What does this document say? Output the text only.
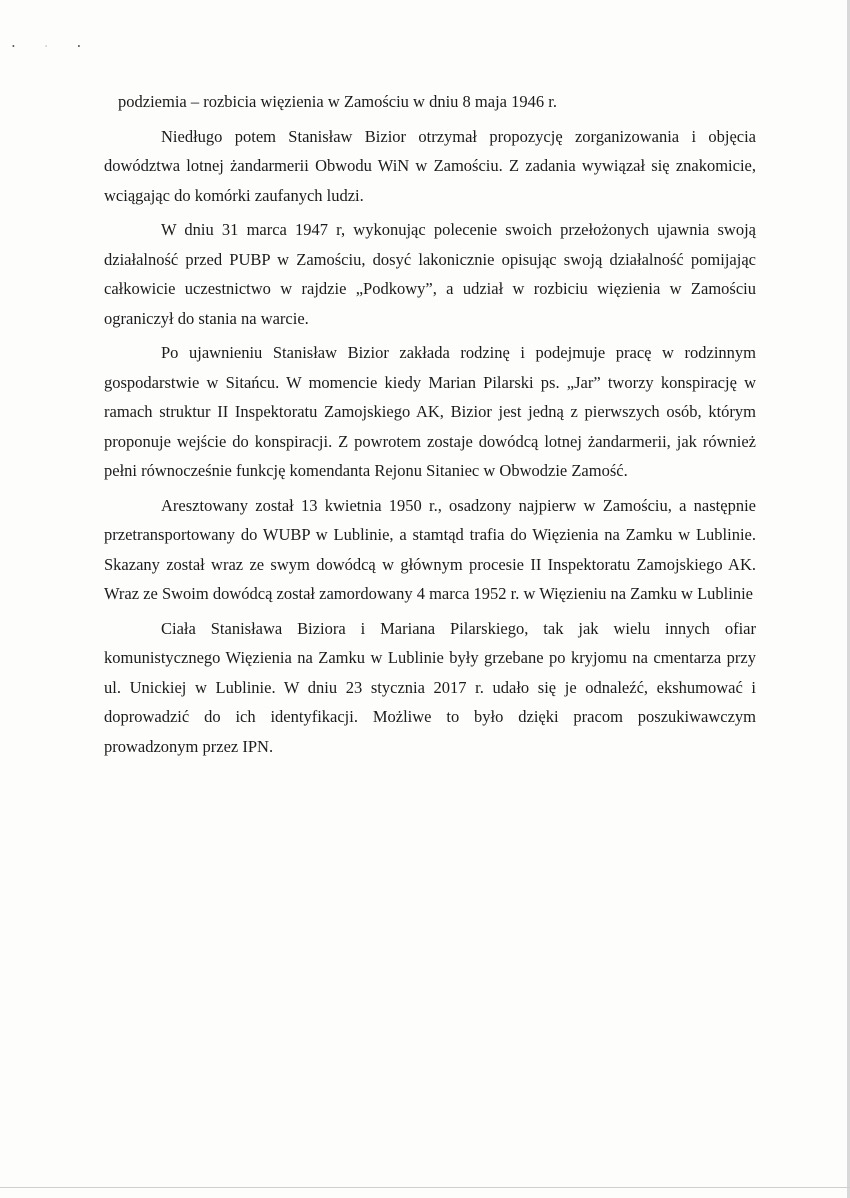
• · •

podziemia – rozbicia więzienia w Zamościu w dniu 8 maja 1946 r.

Niedługo potem Stanisław Bizior otrzymał propozycję zorganizowania i objęcia dowództwa lotnej żandarmerii Obwodu WiN w Zamościu. Z zadania wywiązał się znakomicie, wciągając do komórki zaufanych ludzi.

W dniu 31 marca 1947 r, wykonując polecenie swoich przełożonych ujawnia swoją działalność przed PUBP w Zamościu, dosyć lakonicznie opisując swoją działalność pomijając całkowicie uczestnictwo w rajdzie „Podkowy”, a udział w rozbiciu więzienia w Zamościu ograniczył do stania na warcie.

Po ujawnieniu Stanisław Bizior zakłada rodzinę i podejmuje pracę w rodzinnym gospodarstwie w Sitańcu. W momencie kiedy Marian Pilarski ps. „Jar” tworzy konspirację w ramach struktur II Inspektoratu Zamojskiego AK, Bizior jest jedną z pierwszych osób, którym proponuje wejście do konspiracji. Z powrotem zostaje dowódcą lotnej żandarmerii, jak również pełni równocześnie funkcję komendanta Rejonu Sitaniec w Obwodzie Zamość.

Aresztowany został 13 kwietnia 1950 r., osadzony najpierw w Zamościu, a następnie przetransportowany do WUBP w Lublinie, a stamtąd trafia do Więzienia na Zamku w Lublinie. Skazany został wraz ze swym dowódcą w głównym procesie II Inspektoratu Zamojskiego AK. Wraz ze Swoim dowódcą został zamordowany 4 marca 1952 r. w Więzieniu na Zamku w Lublinie

Ciała Stanisława Biziora i Mariana Pilarskiego, tak jak wielu innych ofiar komunistycznego Więzienia na Zamku w Lublinie były grzebane po kryjomu na cmentarza przy ul. Unickiej w Lublinie. W dniu 23 stycznia 2017 r. udało się je odnaleźć, ekshumować i doprowadzić do ich identyfikacji. Możliwe to było dzięki pracom poszukiwawczym prowadzonym przez IPN.
